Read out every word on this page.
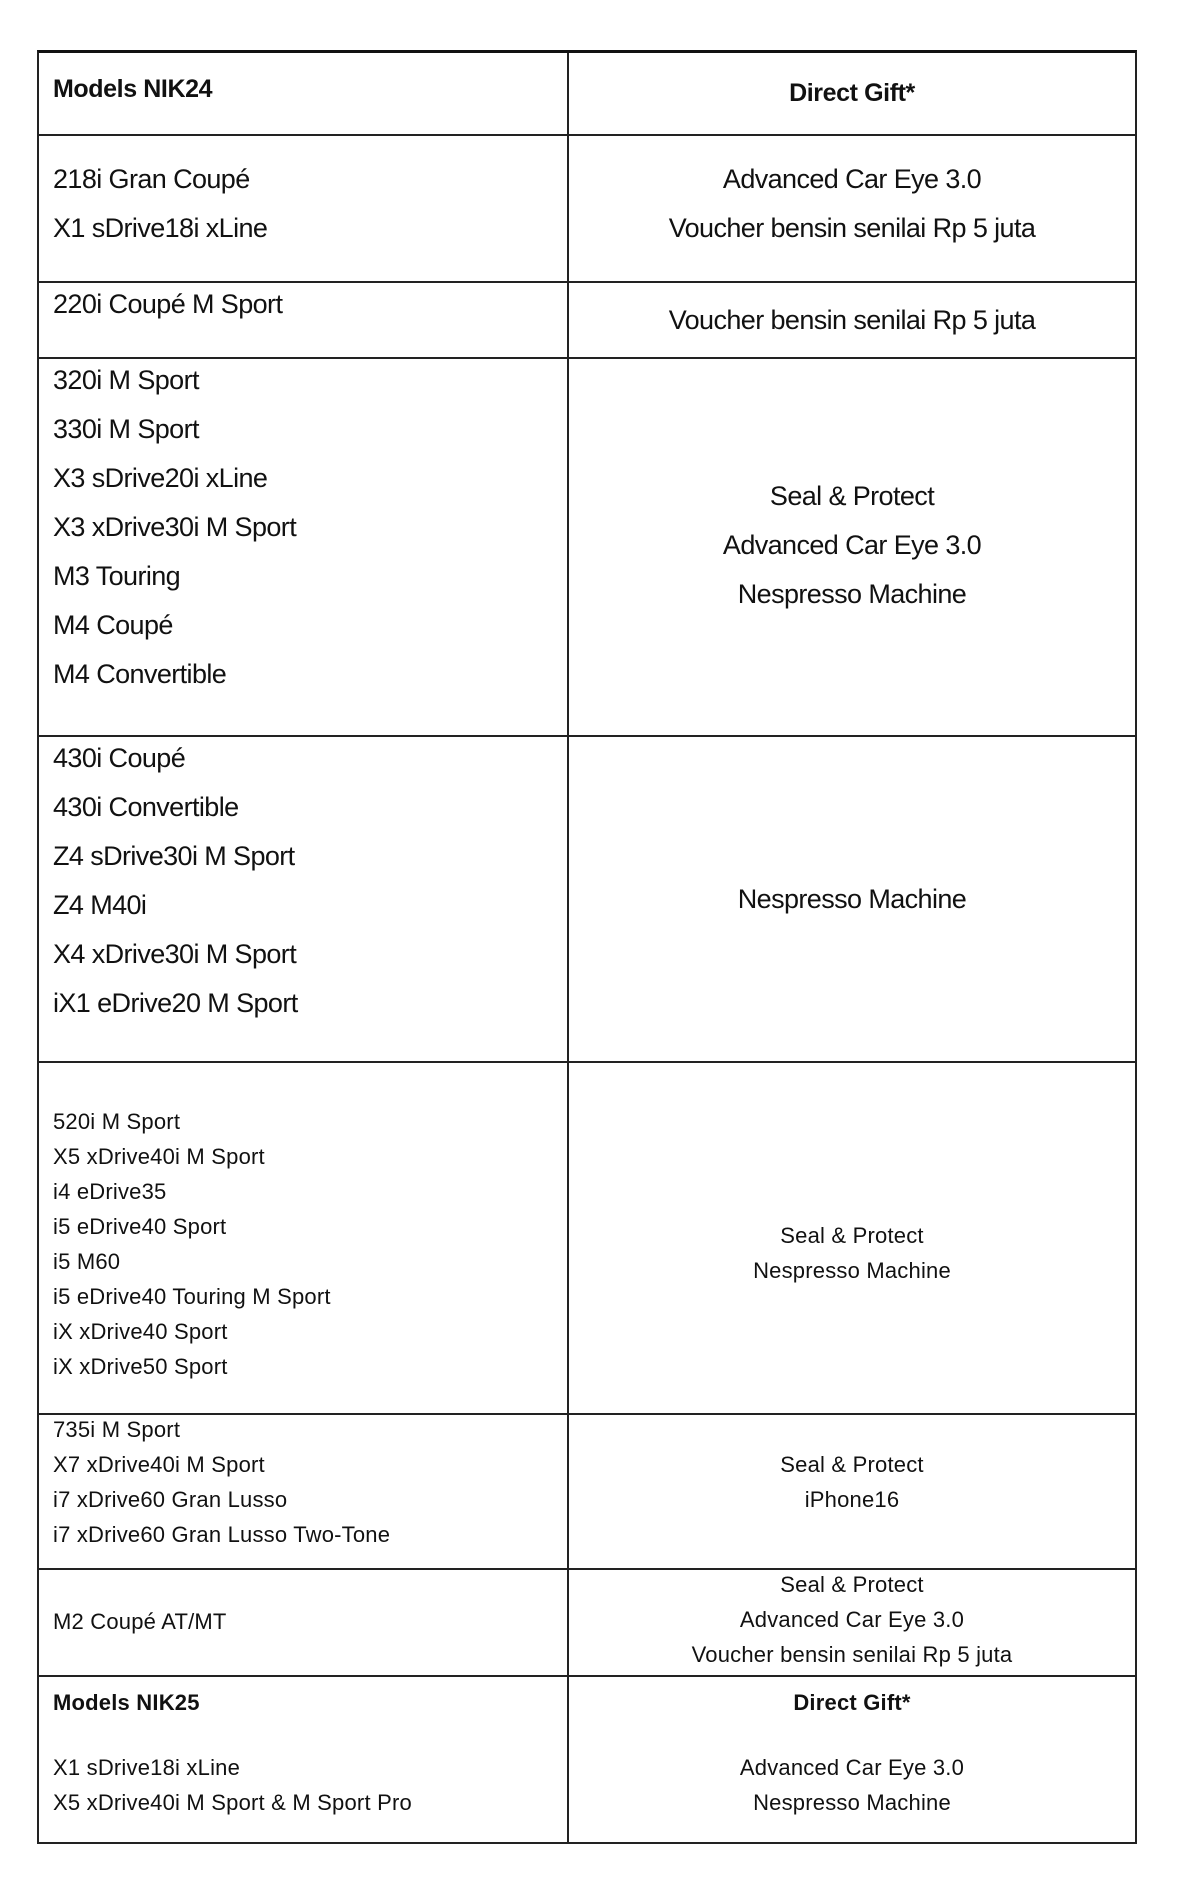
Models NIK24	Direct Gift*
218i Gran Coupé
X1 sDrive18i xLine
Advanced Car Eye 3.0
Voucher bensin senilai Rp 5 juta
220i Coupé M Sport
Voucher bensin senilai Rp 5 juta
320i M Sport
330i M Sport
X3 sDrive20i xLine
X3 xDrive30i M Sport
M3 Touring
M4 Coupé
M4 Convertible
Seal & Protect
Advanced Car Eye 3.0
Nespresso Machine
430i Coupé
430i Convertible
Z4 sDrive30i M Sport
Z4 M40i
X4 xDrive30i M Sport
iX1 eDrive20 M Sport
Nespresso Machine
520i M Sport
X5 xDrive40i M Sport
i4 eDrive35
i5 eDrive40 Sport
i5 M60
i5 eDrive40 Touring M Sport
iX xDrive40 Sport
iX xDrive50 Sport
Seal & Protect
Nespresso Machine
735i M Sport
X7 xDrive40i M Sport
i7 xDrive60 Gran Lusso
i7 xDrive60 Gran Lusso Two-Tone
Seal & Protect
iPhone16
M2 Coupé AT/MT
Seal & Protect
Advanced Car Eye 3.0
Voucher bensin senilai Rp 5 juta
Models NIK25
X1 sDrive18i xLine
X5 xDrive40i M Sport & M Sport Pro
Direct Gift*
Advanced Car Eye 3.0
Nespresso Machine
